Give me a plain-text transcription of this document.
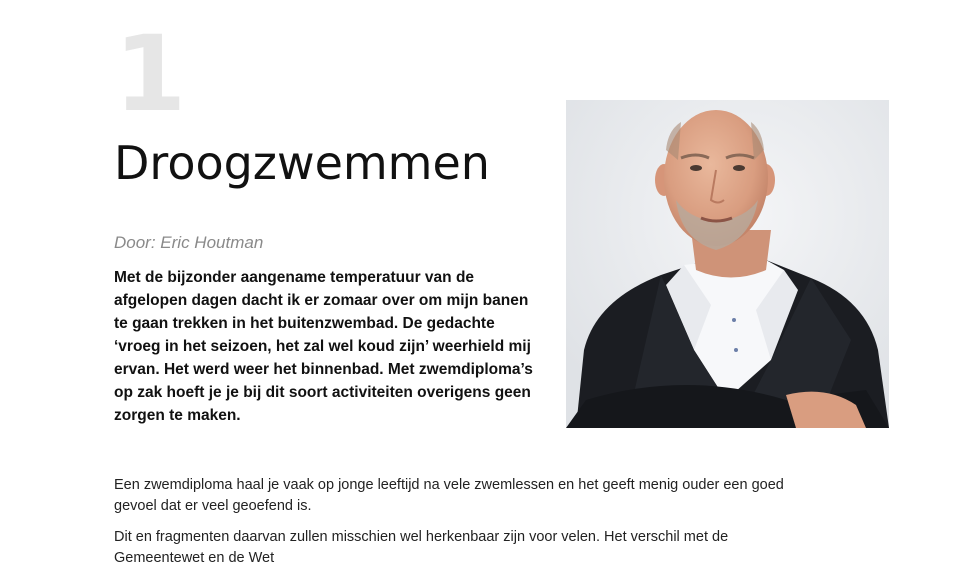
1
Droogzwemmen
Door: Eric Houtman
Met de bijzonder aangename temperatuur van de afgelopen dagen dacht ik er zomaar over om mijn banen te gaan trekken in het buitenzwembad. De gedachte ‘vroeg in het seizoen, het zal wel koud zijn’ weerhield mij ervan. Het werd weer het binnenbad. Met zwemdiploma’s op zak hoeft je je bij dit soort activiteiten overigens geen zorgen te maken.

Een zwemdiploma haal je vaak op jonge leeftijd na vele zwemlessen en het geeft menig ouder een goed gevoel dat er veel geoefend is.

Dit en fragmenten daarvan zullen misschien wel herkenbaar zijn voor velen. Het verschil met de Gemeentewet en de Wet
